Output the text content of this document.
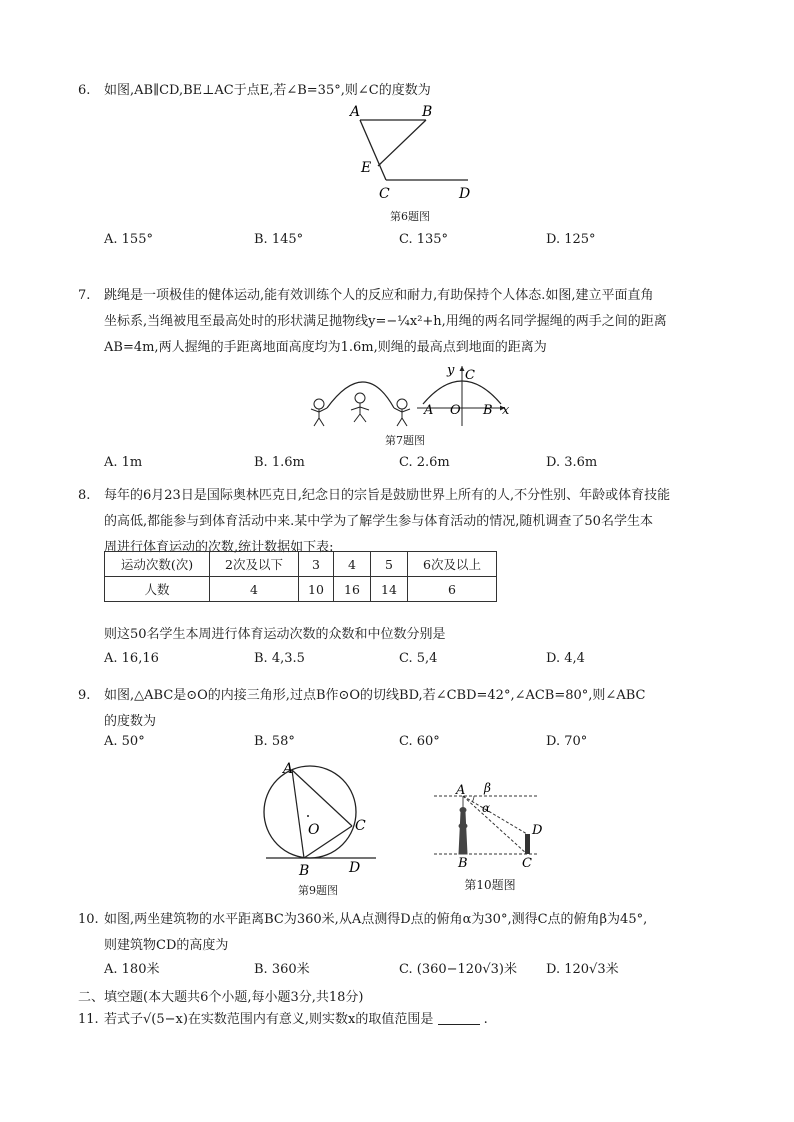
6.	如图,AB∥CD,BE⊥AC于点E,若∠B=35°,则∠C的度数为
A	B
E
C	D
第6题图
A. 155°	B. 145°	C. 135°	D. 125°
7.	跳绳是一项极佳的健体运动,能有效训练个人的反应和耐力,有助保持个人体态.如图,建立平面直角
坐标系,当绳被甩至最高处时的形状满足抛物线y=−¼x²+h,用绳的两名同学握绳的两手之间的距离
AB=4m,两人握绳的手距离地面高度均为1.6m,则绳的最高点到地面的距离为
y C
A O B x
第7题图
A. 1m	B. 1.6m	C. 2.6m	D. 3.6m
8.	每年的6月23日是国际奥林匹克日,纪念日的宗旨是鼓励世界上所有的人,不分性别、年龄或体育技能
的高低,都能参与到体育活动中来.某中学为了解学生参与体育活动的情况,随机调查了50名学生本
周进行体育运动的次数,统计数据如下表:
运动次数(次)	2次及以下	3	4	5	6次及以上
人数	4	10	16	14	6
则这50名学生本周进行体育运动次数的众数和中位数分别是
A. 16,16	B. 4,3.5	C. 5,4	D. 4,4
9.	如图,△ABC是⊙O的内接三角形,过点B作⊙O的切线BD,若∠CBD=42°,∠ACB=80°,则∠ABC
的度数为
A. 50°	B. 58°	C. 60°	D. 70°
A
O	C
B	D
第9题图
A β
α
D
B	C
第10题图
10. 如图,两坐建筑物的水平距离BC为360米,从A点测得D点的俯角α为30°,测得C点的俯角β为45°,
则建筑物CD的高度为
A. 180米	B. 360米	C. (360−120√3)米 D. 120√3米
二、填空题(本大题共6个小题,每小题3分,共18分)
11. 若式子√(5−x)在实数范围内有意义,则实数x的取值范围是	.
